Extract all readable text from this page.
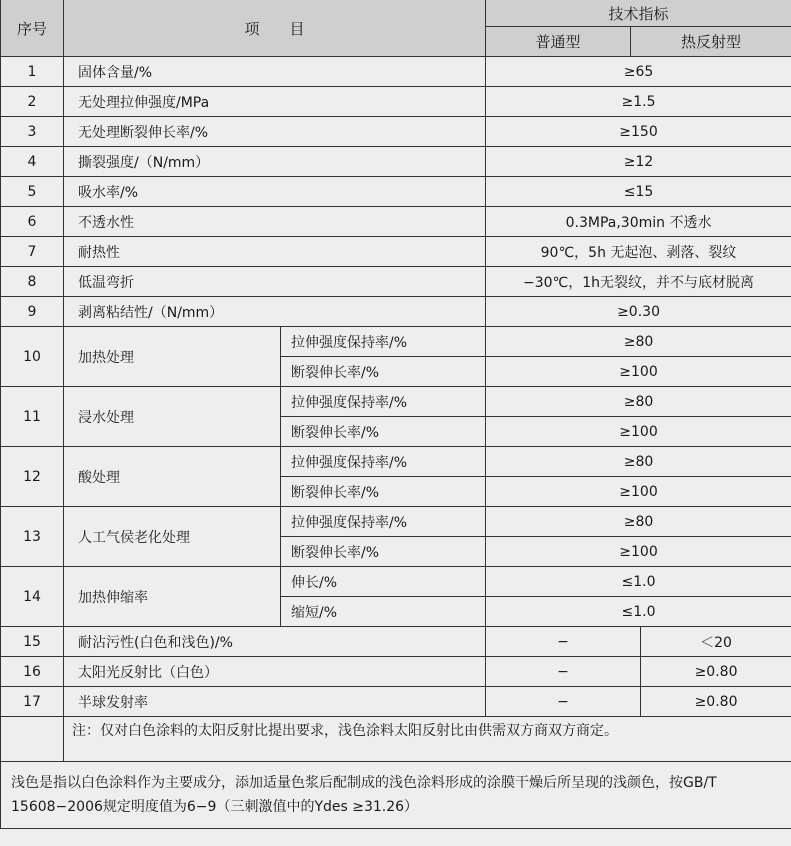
序号	项　　目		技术指标		
			普通型	热反射型	
1	固体含量/%		≥65		
2	无处理拉伸强度/MPa		≥1.5		
3	无处理断裂伸长率/%		≥150		
4	撕裂强度/（N/mm）		≥12		
5	吸水率/%		≤15		
6	不透水性		0.3MPa,30min 不透水		
7	耐热性		90℃，5h 无起泡、剥落、裂纹		
8	低温弯折		−30℃，1h无裂纹，并不与底材脱离		
9	剥离粘结性/（N/mm）		≥0.30		
10	加热处理	拉伸强度保持率/%	≥80		
		断裂伸长率/%	≥100		
11	浸水处理	拉伸强度保持率/%	≥80		
		断裂伸长率/%	≥100		
12	酸处理	拉伸强度保持率/%	≥80		
		断裂伸长率/%	≥100		
13	人工气侯老化处理	拉伸强度保持率/%	≥80		
		断裂伸长率/%	≥100		
14	加热伸缩率	伸长/%	≤1.0		
		缩短/%	≤1.0		
15	耐沾污性(白色和浅色)/%		−		＜20
16	太阳光反射比（白色）		−		≥0.80
17	半球发射率		−		≥0.80
	注：仅对白色涂料的太阳反射比提出要求，浅色涂料太阳反射比由供需双方商双方商定。				
浅色是指以白色涂料作为主要成分，添加适量色浆后配制成的浅色涂料形成的涂膜干燥后所呈现的浅颜色，按GB/T　15608−2006规定明度值为6−9（三刺激值中的Ydes ≥31.26）					
